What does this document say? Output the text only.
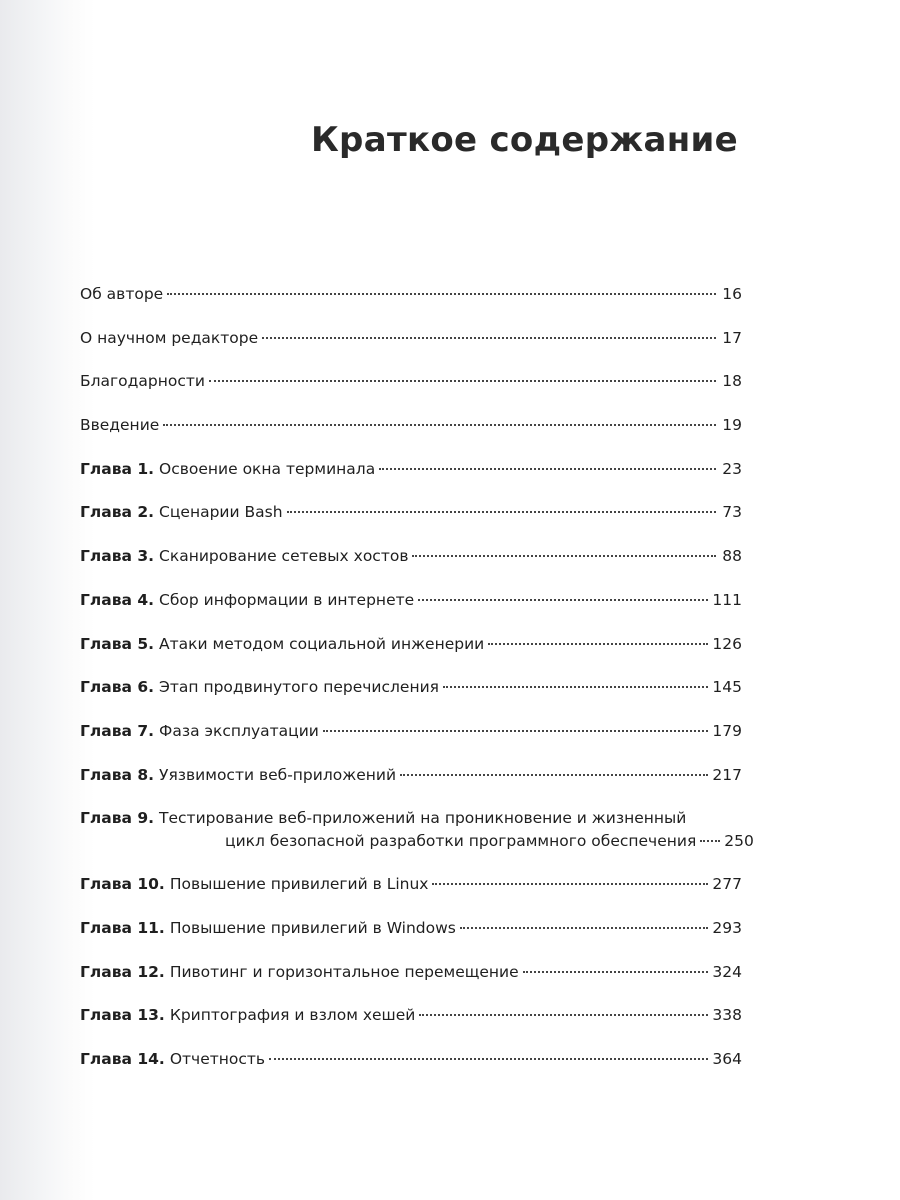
Краткое содержание
Об авторе	16
О научном редакторе	17
Благодарности	18
Введение	19
Глава 1. Освоение окна терминала	23
Глава 2. Сценарии Bash	73
Глава 3. Сканирование сетевых хостов	88
Глава 4. Сбор информации в интернете	111
Глава 5. Атаки методом социальной инженерии	126
Глава 6. Этап продвинутого перечисления	145
Глава 7. Фаза эксплуатации	179
Глава 8. Уязвимости веб-приложений	217
Глава 9. Тестирование веб-приложений на проникновение и жизненный
цикл безопасной разработки программного обеспечения 250
Глава 10. Повышение привилегий в Linux	277
Глава 11. Повышение привилегий в Windows	293
Глава 12. Пивотинг и горизонтальное перемещение	324
Глава 13. Криптография и взлом хешей	338
Глава 14. Отчетность	364
